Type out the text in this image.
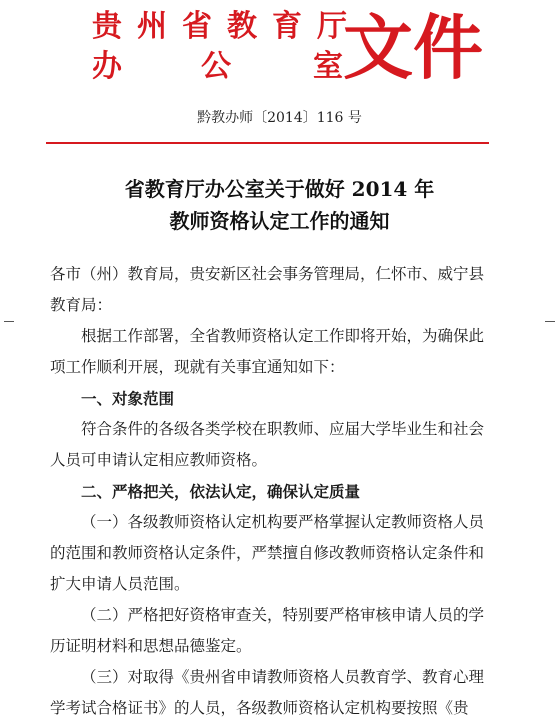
贵州省教育厅
办	公	室 文件
黔教办师〔2014〕116 号
省教育厅办公室关于做好 2014 年
教师资格认定工作的通知
各市（州）教育局，贵安新区社会事务管理局，仁怀市、威宁县教育局：
根据工作部署，全省教师资格认定工作即将开始，为确保此项工作顺利开展，现就有关事宜通知如下：
一、对象范围
符合条件的各级各类学校在职教师、应届大学毕业生和社会人员可申请认定相应教师资格。
二、严格把关，依法认定，确保认定质量
（一）各级教师资格认定机构要严格掌握认定教师资格人员的范围和教师资格认定条件，严禁擅自修改教师资格认定条件和扩大申请人员范围。
（二）严格把好资格审查关，特别要严格审核申请人员的学历证明材料和思想品德鉴定。
（三）对取得《贵州省申请教师资格人员教育学、教育心理学考试合格证书》的人员，各级教师资格认定机构要按照《贵
